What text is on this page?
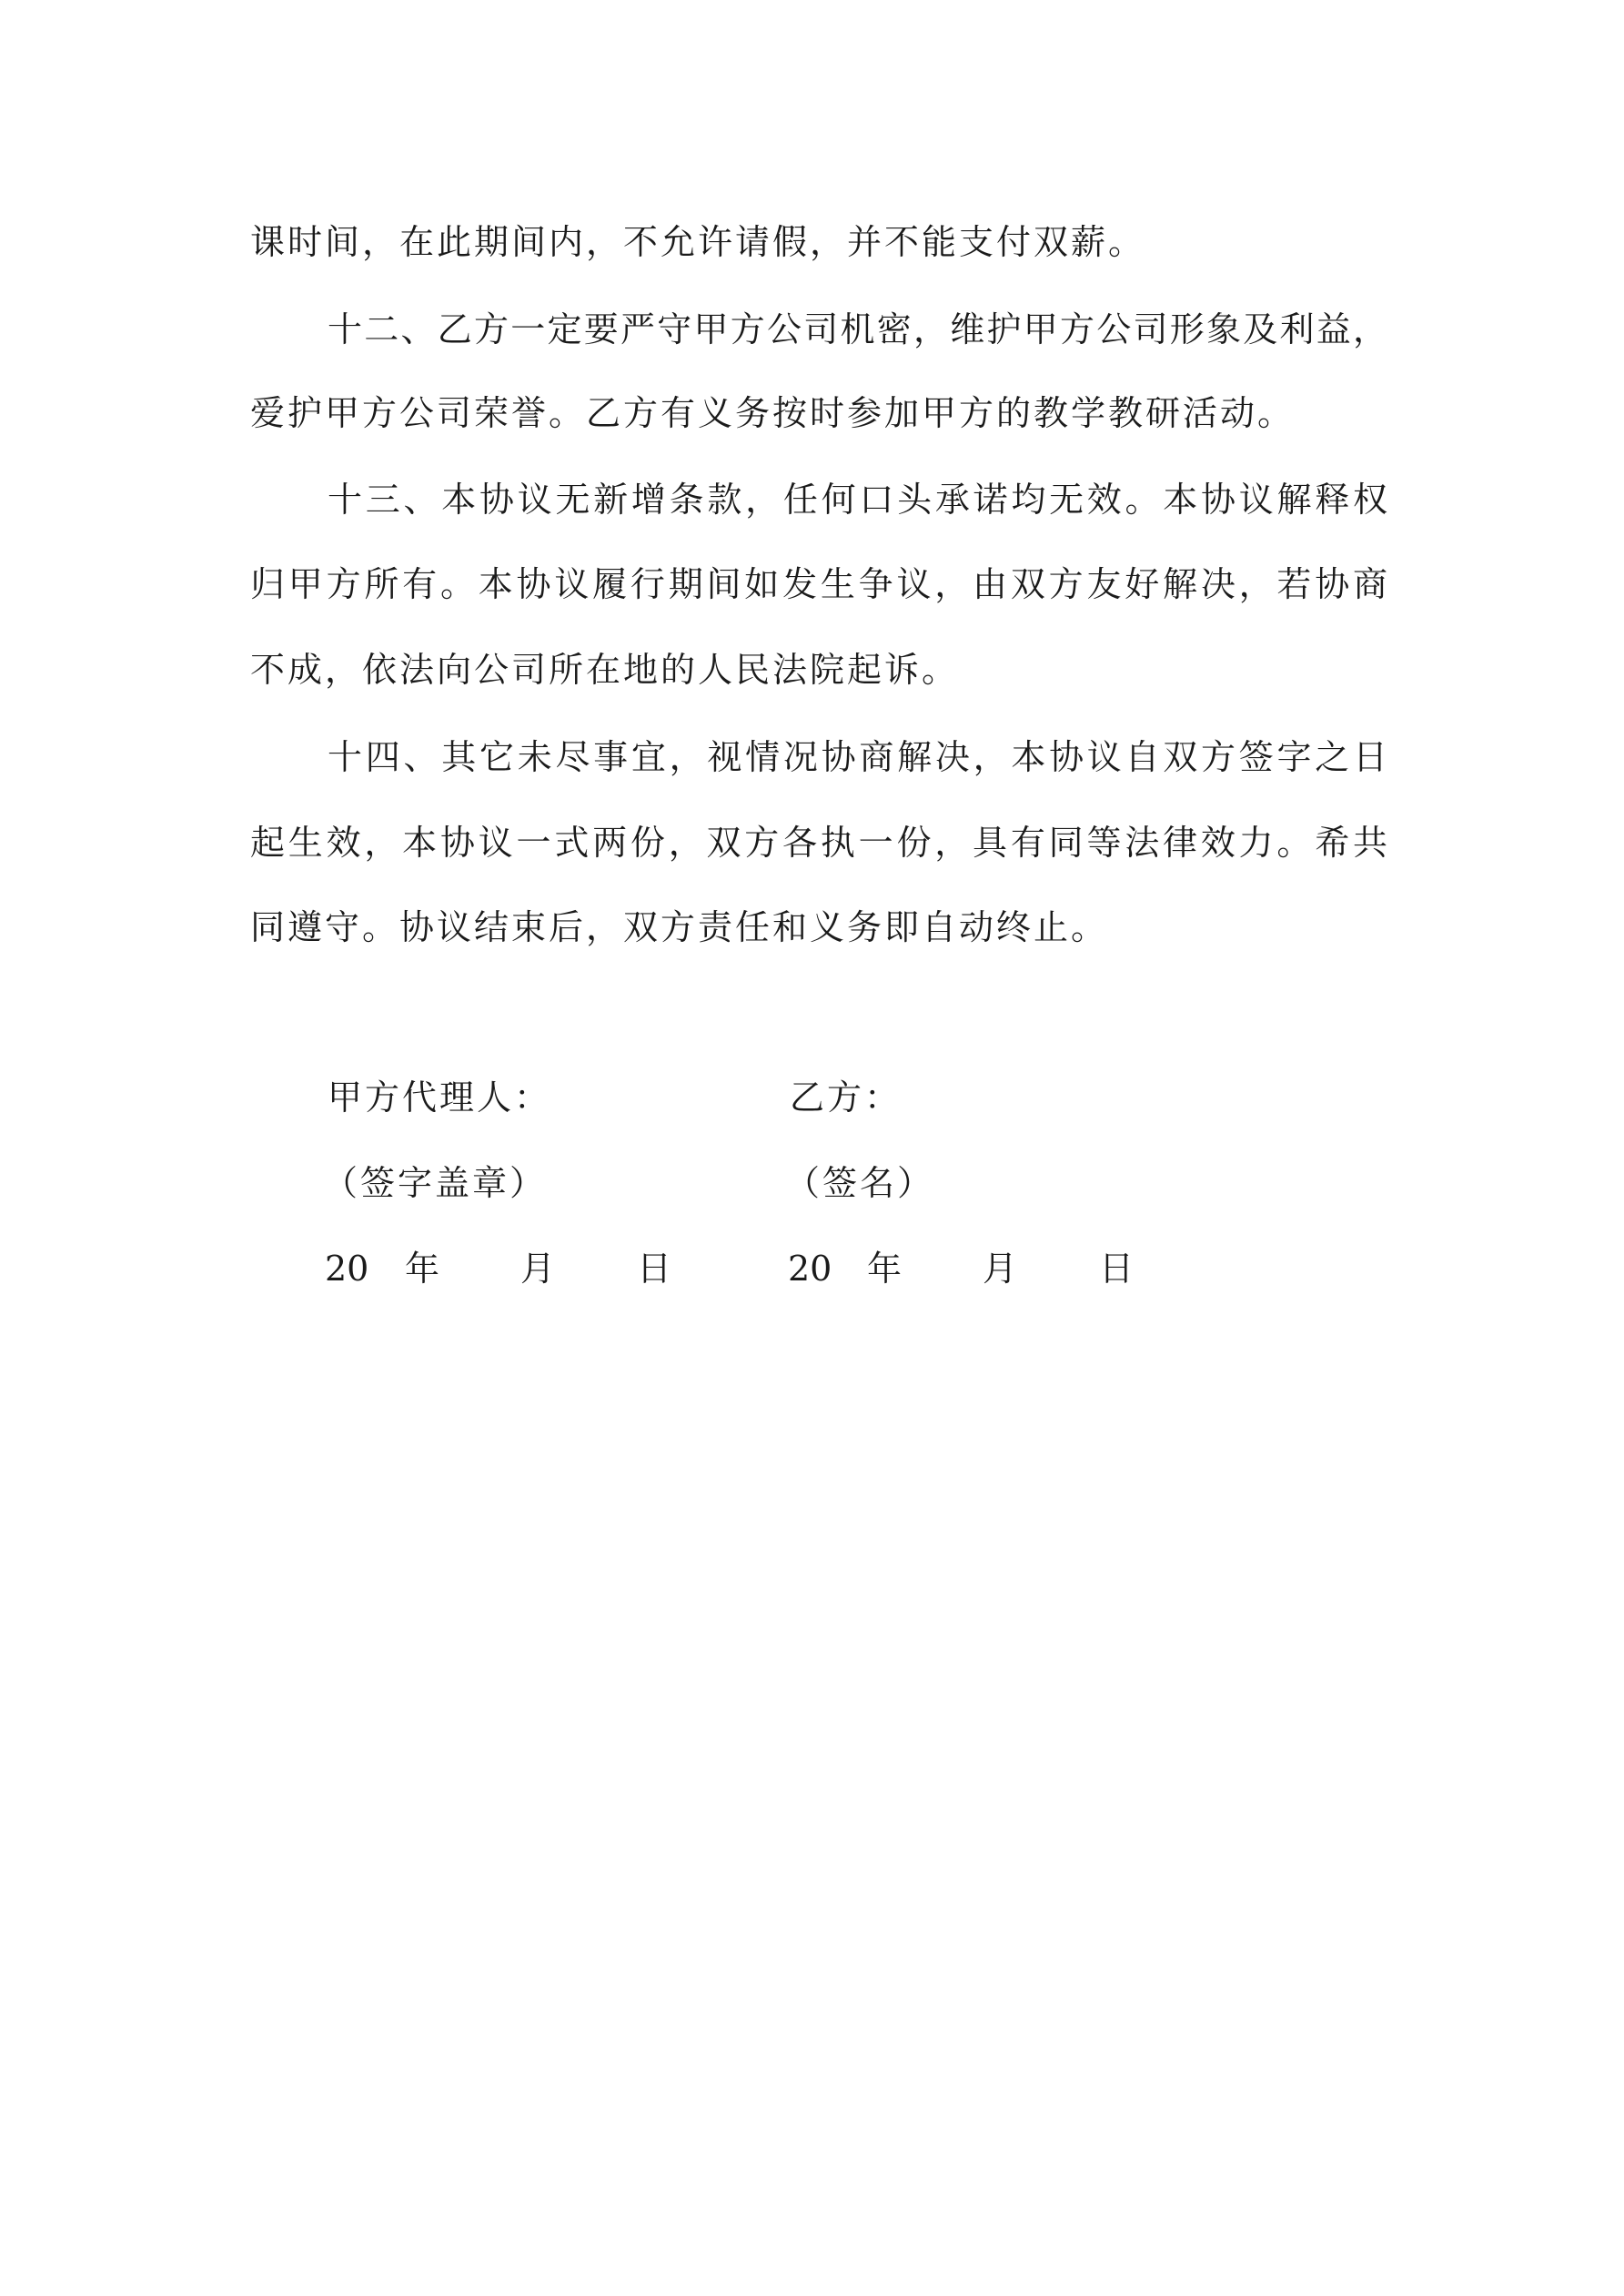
课时间，在此期间内，不允许请假，并不能支付双薪。
十二、乙方一定要严守甲方公司机密，维护甲方公司形象及利益，
爱护甲方公司荣誉。乙方有义务按时参加甲方的教学教研活动。
十三、本协议无新增条款，任何口头承诺均无效。本协议解释权
归甲方所有。本协议履行期间如发生争议，由双方友好解决，若协商
不成，依法向公司所在地的人民法院起诉。
十四、其它未尽事宜，视情况协商解决，本协议自双方签字之日
起生效，本协议一式两份，双方各执一份，具有同等法律效力。希共
同遵守。协议结束后，双方责任和义务即自动终止。
甲方代理人：
（签字盖章）
20 年 月 日
乙方：
（签名）
20 年 月 日
